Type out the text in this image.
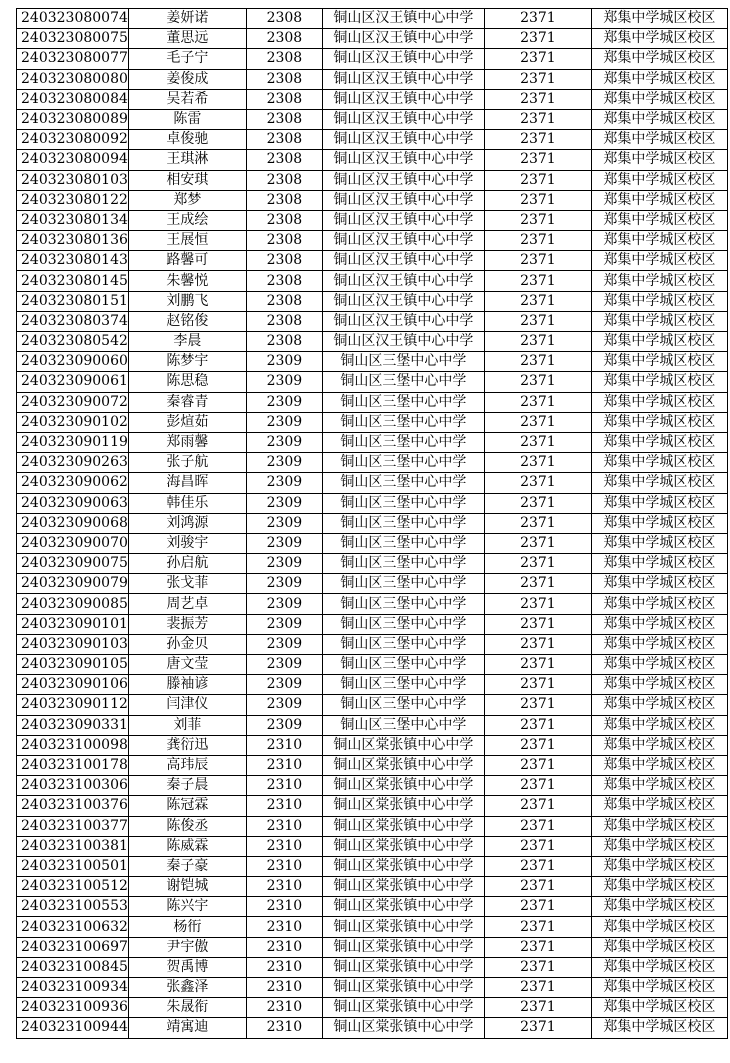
240323080074	姜妍诺	2308	铜山区汉王镇中心中学	2371	郑集中学城区校区
240323080075	董思远	2308	铜山区汉王镇中心中学	2371	郑集中学城区校区
240323080077	毛子宁	2308	铜山区汉王镇中心中学	2371	郑集中学城区校区
240323080080	姜俊成	2308	铜山区汉王镇中心中学	2371	郑集中学城区校区
240323080084	吴若希	2308	铜山区汉王镇中心中学	2371	郑集中学城区校区
240323080089	陈雷	2308	铜山区汉王镇中心中学	2371	郑集中学城区校区
240323080092	卓俊驰	2308	铜山区汉王镇中心中学	2371	郑集中学城区校区
240323080094	王琪淋	2308	铜山区汉王镇中心中学	2371	郑集中学城区校区
240323080103	相安琪	2308	铜山区汉王镇中心中学	2371	郑集中学城区校区
240323080122	郑梦	2308	铜山区汉王镇中心中学	2371	郑集中学城区校区
240323080134	王成绘	2308	铜山区汉王镇中心中学	2371	郑集中学城区校区
240323080136	王展恒	2308	铜山区汉王镇中心中学	2371	郑集中学城区校区
240323080143	路馨可	2308	铜山区汉王镇中心中学	2371	郑集中学城区校区
240323080145	朱馨悦	2308	铜山区汉王镇中心中学	2371	郑集中学城区校区
240323080151	刘鹏飞	2308	铜山区汉王镇中心中学	2371	郑集中学城区校区
240323080374	赵铭俊	2308	铜山区汉王镇中心中学	2371	郑集中学城区校区
240323080542	李晨	2308	铜山区汉王镇中心中学	2371	郑集中学城区校区
240323090060	陈梦宇	2309	铜山区三堡中心中学	2371	郑集中学城区校区
240323090061	陈思稳	2309	铜山区三堡中心中学	2371	郑集中学城区校区
240323090072	秦睿青	2309	铜山区三堡中心中学	2371	郑集中学城区校区
240323090102	彭煊茹	2309	铜山区三堡中心中学	2371	郑集中学城区校区
240323090119	郑雨馨	2309	铜山区三堡中心中学	2371	郑集中学城区校区
240323090263	张子航	2309	铜山区三堡中心中学	2371	郑集中学城区校区
240323090062	海昌晖	2309	铜山区三堡中心中学	2371	郑集中学城区校区
240323090063	韩佳乐	2309	铜山区三堡中心中学	2371	郑集中学城区校区
240323090068	刘鸿源	2309	铜山区三堡中心中学	2371	郑集中学城区校区
240323090070	刘骏宇	2309	铜山区三堡中心中学	2371	郑集中学城区校区
240323090075	孙启航	2309	铜山区三堡中心中学	2371	郑集中学城区校区
240323090079	张戈菲	2309	铜山区三堡中心中学	2371	郑集中学城区校区
240323090085	周艺卓	2309	铜山区三堡中心中学	2371	郑集中学城区校区
240323090101	裴振芳	2309	铜山区三堡中心中学	2371	郑集中学城区校区
240323090103	孙金贝	2309	铜山区三堡中心中学	2371	郑集中学城区校区
240323090105	唐文莹	2309	铜山区三堡中心中学	2371	郑集中学城区校区
240323090106	滕袖谚	2309	铜山区三堡中心中学	2371	郑集中学城区校区
240323090112	闫津仪	2309	铜山区三堡中心中学	2371	郑集中学城区校区
240323090331	刘菲	2309	铜山区三堡中心中学	2371	郑集中学城区校区
240323100098	龚衍迅	2310	铜山区棠张镇中心中学	2371	郑集中学城区校区
240323100178	高玮辰	2310	铜山区棠张镇中心中学	2371	郑集中学城区校区
240323100306	秦子晨	2310	铜山区棠张镇中心中学	2371	郑集中学城区校区
240323100376	陈冠霖	2310	铜山区棠张镇中心中学	2371	郑集中学城区校区
240323100377	陈俊丞	2310	铜山区棠张镇中心中学	2371	郑集中学城区校区
240323100381	陈威霖	2310	铜山区棠张镇中心中学	2371	郑集中学城区校区
240323100501	秦子豪	2310	铜山区棠张镇中心中学	2371	郑集中学城区校区
240323100512	谢铠城	2310	铜山区棠张镇中心中学	2371	郑集中学城区校区
240323100553	陈兴宇	2310	铜山区棠张镇中心中学	2371	郑集中学城区校区
240323100632	杨衎	2310	铜山区棠张镇中心中学	2371	郑集中学城区校区
240323100697	尹宇傲	2310	铜山区棠张镇中心中学	2371	郑集中学城区校区
240323100845	贺禹博	2310	铜山区棠张镇中心中学	2371	郑集中学城区校区
240323100934	张鑫泽	2310	铜山区棠张镇中心中学	2371	郑集中学城区校区
240323100936	朱晟衔	2310	铜山区棠张镇中心中学	2371	郑集中学城区校区
240323100944	靖寓迪	2310	铜山区棠张镇中心中学	2371	郑集中学城区校区
